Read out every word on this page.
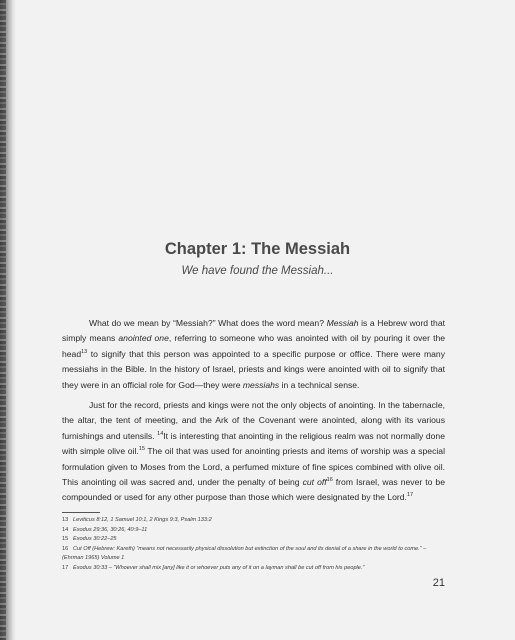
Chapter 1: The Messiah

We have found the Messiah...

What do we mean by “Messiah?” What does the word mean? Messiah is a Hebrew word that simply means anointed one, referring to someone who was anointed with oil by pouring it over the head$^{13}$ to signify that this person was appointed to a specific purpose or office. There were many messiahs in the Bible. In the history of Israel, priests and kings were anointed with oil to signify that they were in an official role for God—they were messiahs in a technical sense.

Just for the record, priests and kings were not the only objects of anointing. In the tabernacle, the altar, the tent of meeting, and the Ark of the Covenant were anointed, along with its various furnishings and utensils. $^{14}$It is interesting that anointing in the religious realm was not normally done with simple olive oil.$^{15}$ The oil that was used for anointing priests and items of worship was a special formulation given to Moses from the Lord, a perfumed mixture of fine spices combined with olive oil. This anointing oil was sacred and, under the penalty of being cut off$^{16}$ from Israel, was never to be compounded or used for any other purpose than those which were designated by the Lord.$^{17}$

13 Leviticus 8:12, 1 Samuel 10:1, 2 Kings 9:3, Psalm 133:2

14 Exodus 29:36, 30:26, 40:9–11

15 Exodus 30:22–25

16 Cut Off (Hebrew: Kareth) “means not necessarily physical dissolution but extinction of the soul and its denial of a share in the world to come.” – (Ehrman 1965) Volume 1

17 Exodus 30:33 – “Whoever shall mix [any] like it or whoever puts any of it on a layman shall be cut off from his people.”

21
